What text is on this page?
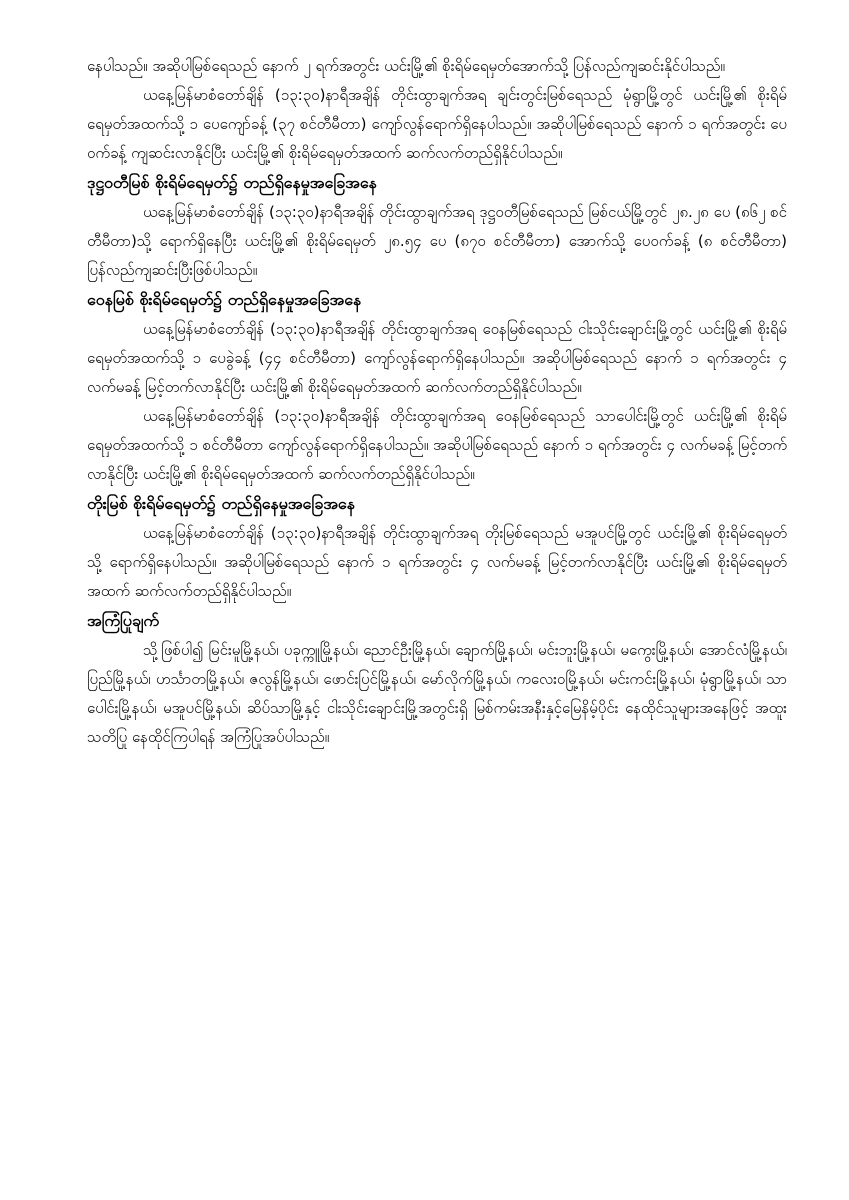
နေပါသည်။ အဆိုပါမြစ်ရေသည် နောက် ၂ ရက်အတွင်း ယင်းမြို့၏ စိုးရိမ်ရေမှတ်အောက်သို့ ပြန်လည်ကျဆင်းနိုင်ပါသည်။

ယနေ့မြန်မာစံတော်ချိန် (၁၃:၃၀)နာရီအချိန် တိုင်းထွာချက်အရ ချင်းတွင်းမြစ်ရေသည် မုံရွာမြို့တွင် ယင်းမြို့၏ စိုးရိမ်ရေမှတ်အထက်သို့ ၁ ပေကျော်ခန့် (၃၇ စင်တီမီတာ) ကျော်လွန်ရောက်ရှိနေပါသည်။ အဆိုပါမြစ်ရေသည် နောက် ၁ ရက်အတွင်း ပေဝက်ခန့် ကျဆင်းလာနိုင်ပြီး ယင်းမြို့၏ စိုးရိမ်ရေမှတ်အထက် ဆက်လက်တည်ရှိနိုင်ပါသည်။

ဒုဋ္ဌဝတီမြစ် စိုးရိမ်ရေမှတ်၌ တည်ရှိနေမှုအခြေအနေ

ယနေ့မြန်မာစံတော်ချိန် (၁၃:၃၀)နာရီအချိန် တိုင်းထွာချက်အရ ဒုဋ္ဌဝတီမြစ်ရေသည် မြစ်ငယ်မြို့တွင် ၂၈.၂၈ ပေ (၈၆၂ စင်တီမီတာ)သို့ ရောက်ရှိနေပြီး ယင်းမြို့၏ စိုးရိမ်ရေမှတ် ၂၈.၅၄ ပေ (၈၇၀ စင်တီမီတာ) အောက်သို့ ပေဝက်ခန့် (၈ စင်တီမီတာ) ပြန်လည်ကျဆင်းပြီးဖြစ်ပါသည်။

ဝေနမြစ် စိုးရိမ်ရေမှတ်၌ တည်ရှိနေမှုအခြေအနေ

ယနေ့မြန်မာစံတော်ချိန် (၁၃:၃၀)နာရီအချိန် တိုင်းထွာချက်အရ ဝေနမြစ်ရေသည် ငါးသိုင်းချောင်းမြို့တွင် ယင်းမြို့၏ စိုးရိမ်ရေမှတ်အထက်သို့ ၁ ပေခွဲခန့် (၄၄ စင်တီမီတာ) ကျော်လွန်ရောက်ရှိနေပါသည်။ အဆိုပါမြစ်ရေသည် နောက် ၁ ရက်အတွင်း ၄ လက်မခန့် မြင့်တက်လာနိုင်ပြီး ယင်းမြို့၏ စိုးရိမ်ရေမှတ်အထက် ဆက်လက်တည်ရှိနိုင်ပါသည်။

ယနေ့မြန်မာစံတော်ချိန် (၁၃:၃၀)နာရီအချိန် တိုင်းထွာချက်အရ ဝေနမြစ်ရေသည် သာပေါင်းမြို့တွင် ယင်းမြို့၏ စိုးရိမ်ရေမှတ်အထက်သို့ ၁ စင်တီမီတာ ကျော်လွန်ရောက်ရှိနေပါသည်။ အဆိုပါမြစ်ရေသည် နောက် ၁ ရက်အတွင်း ၄ လက်မခန့် မြင့်တက်လာနိုင်ပြီး ယင်းမြို့၏ စိုးရိမ်ရေမှတ်အထက် ဆက်လက်တည်ရှိနိုင်ပါသည်။

တိုးမြစ် စိုးရိမ်ရေမှတ်၌ တည်ရှိနေမှုအခြေအနေ

ယနေ့မြန်မာစံတော်ချိန် (၁၃:၃၀)နာရီအချိန် တိုင်းထွာချက်အရ တိုးမြစ်ရေသည် မအူပင်မြို့တွင် ယင်းမြို့၏ စိုးရိမ်ရေမှတ်သို့ ရောက်ရှိနေပါသည်။ အဆိုပါမြစ်ရေသည် နောက် ၁ ရက်အတွင်း ၄ လက်မခန့် မြင့်တက်လာနိုင်ပြီး ယင်းမြို့၏ စိုးရိမ်ရေမှတ်အထက် ဆက်လက်တည်ရှိနိုင်ပါသည်။

အကြံပြုချက်

သို့ဖြစ်ပါ၍ မြင်းမူမြို့နယ်၊ ပခုက္ကူမြို့နယ်၊ ညောင်ဦးမြို့နယ်၊ ချောက်မြို့နယ်၊ မင်းဘူးမြို့နယ်၊ မကွေးမြို့နယ်၊ အောင်လံမြို့နယ်၊ ပြည်မြို့နယ်၊ ဟင်္သာတမြို့နယ်၊ ဇလွန်မြို့နယ်၊ ဖောင်းပြင်မြို့နယ်၊ မော်လိုက်မြို့နယ်၊ ကလေးဝမြို့နယ်၊ မင်းကင်းမြို့နယ်၊ မုံရွာမြို့နယ်၊ သာပေါင်းမြို့နယ်၊ မအူပင်မြို့နယ်၊ ဆိပ်သာမြို့နှင့် ငါးသိုင်းချောင်းမြို့အတွင်းရှိ မြစ်ကမ်းအနီးနှင့်မြေနိမ့်ပိုင်း နေထိုင်သူများအနေဖြင့် အထူးသတိပြု နေထိုင်ကြပါရန် အကြံပြုအပ်ပါသည်။
